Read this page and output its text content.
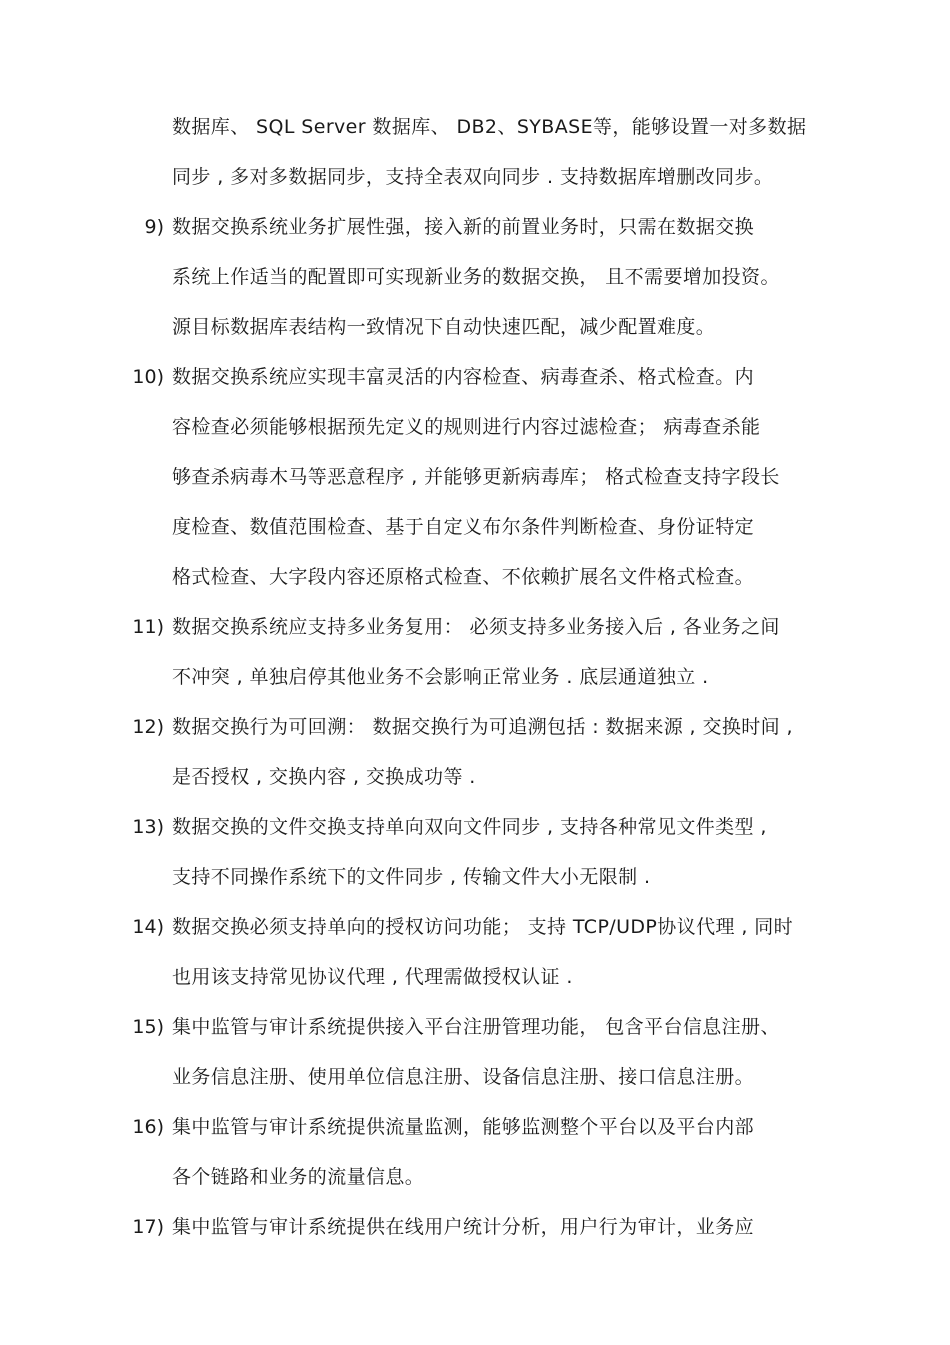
数据库、 SQL Server 数据库、 DB2、SYBASE等，能够设置一对多数据
同步 , 多对多数据同步，支持全表双向同步 . 支持数据库增删改同步。
9) 数据交换系统业务扩展性强，接入新的前置业务时，只需在数据交换
系统上作适当的配置即可实现新业务的数据交换， 且不需要增加投资。
源目标数据库表结构一致情况下自动快速匹配，减少配置难度。
10) 数据交换系统应实现丰富灵活的内容检查、病毒查杀、格式检查。内
容检查必须能够根据预先定义的规则进行内容过滤检查； 病毒查杀能
够查杀病毒木马等恶意程序 , 并能够更新病毒库； 格式检查支持字段长
度检查、数值范围检查、基于自定义布尔条件判断检查、身份证特定
格式检查、大字段内容还原格式检查、不依赖扩展名文件格式检查。
11) 数据交换系统应支持多业务复用： 必须支持多业务接入后 , 各业务之间
不冲突 , 单独启停其他业务不会影响正常业务 . 底层通道独立 .
12) 数据交换行为可回溯： 数据交换行为可追溯包括 : 数据来源 , 交换时间 ,
是否授权 , 交换内容 , 交换成功等 .
13) 数据交换的文件交换支持单向双向文件同步 , 支持各种常见文件类型 ,
支持不同操作系统下的文件同步 , 传输文件大小无限制 .
14) 数据交换必须支持单向的授权访问功能； 支持 TCP/UDP协议代理 , 同时
也用该支持常见协议代理 , 代理需做授权认证 .
15) 集中监管与审计系统提供接入平台注册管理功能， 包含平台信息注册、
业务信息注册、使用单位信息注册、设备信息注册、接口信息注册。
16) 集中监管与审计系统提供流量监测，能够监测整个平台以及平台内部
各个链路和业务的流量信息。
17) 集中监管与审计系统提供在线用户统计分析，用户行为审计，业务应
